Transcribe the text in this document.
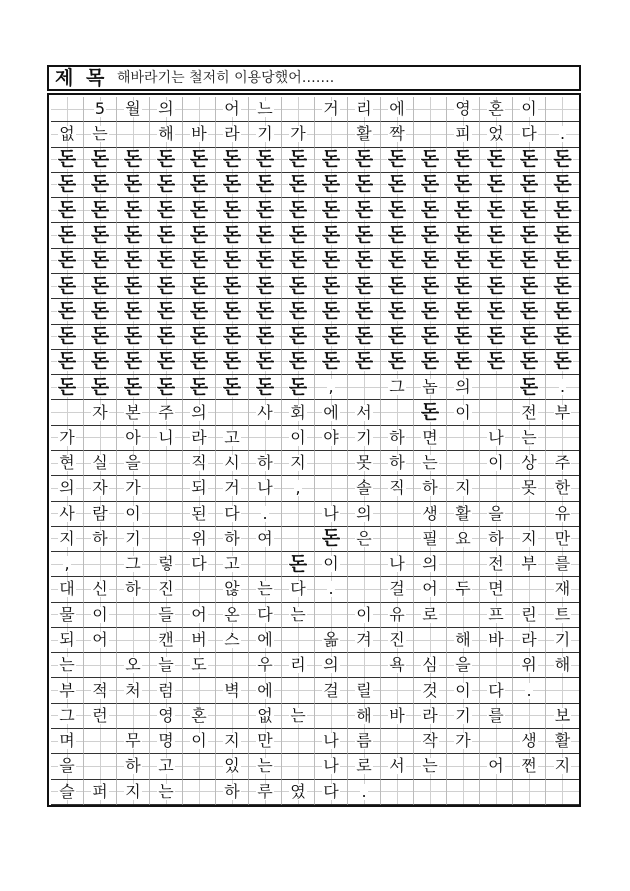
제 목 해바라기는 철저히 이용당했어…….
5 월 의	어 느	거 리 에	영 혼 이
없 는	해 바 라 기 가	활 짝	피 었 다 .
돈 돈 돈 돈 돈 돈 돈 돈 돈 돈 돈 돈 돈 돈 돈 돈
돈 돈 돈 돈 돈 돈 돈 돈 돈 돈 돈 돈 돈 돈 돈 돈
돈 돈 돈 돈 돈 돈 돈 돈 돈 돈 돈 돈 돈 돈 돈 돈
돈 돈 돈 돈 돈 돈 돈 돈 돈 돈 돈 돈 돈 돈 돈 돈
돈 돈 돈 돈 돈 돈 돈 돈 돈 돈 돈 돈 돈 돈 돈 돈
돈 돈 돈 돈 돈 돈 돈 돈 돈 돈 돈 돈 돈 돈 돈 돈
돈 돈 돈 돈 돈 돈 돈 돈 돈 돈 돈 돈 돈 돈 돈 돈
돈 돈 돈 돈 돈 돈 돈 돈 돈 돈 돈 돈 돈 돈 돈 돈
돈 돈 돈 돈 돈 돈 돈 돈 돈 돈 돈 돈 돈 돈 돈 돈
돈 돈 돈 돈 돈 돈 돈 돈 ,	그 놈 의	돈 .
자 본 주 의	사 회 에 서	돈 이	전 부
가	아 니 라 고	이 야 기 하 면	나 는
현 실 을	직 시 하 지	못 하 는	이 상 주
의 자 가	되 거 나 ,	솔 직 하 지	못 한
사 람 이	된 다 .	나 의	생 활 을	유
지 하 기	위 하 여	돈 은	필 요 하 지 만
,	그 렇 다 고	돈 이	나 의	전 부 를
대 신 하 진	않 는 다 .	걸 어 두 면	재
물 이	들 어 온 다 는	이 유 로	프 린 트
되 어	캔 버 스 에	옮 겨 진	해 바 라 기
는	오 늘 도	우 리 의	욕 심 을	위 해
부 적 처 럼	벽 에	걸 릴	것 이 다 .
그 런	영 혼	없 는	해 바 라 기 를	보
며	무 명 이 지 만	나 름	작 가	생 활
을	하 고	있 는	나 로 서 는	어 쩐 지
슬 퍼 지 는	하 루 였 다 .
